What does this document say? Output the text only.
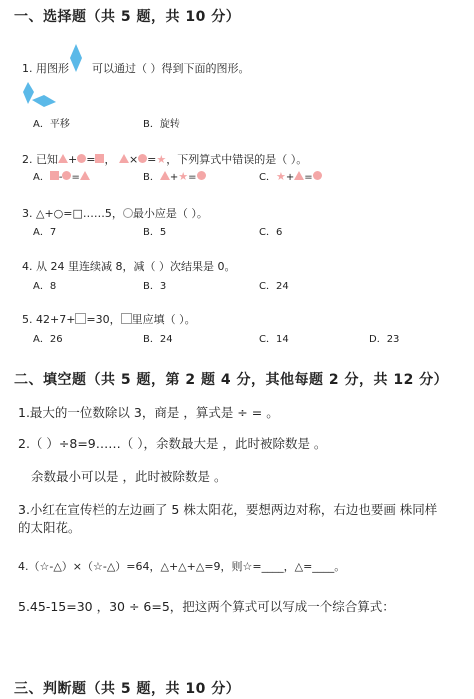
一、选择题（共 5 题，共 10 分）
1. 用图形 可以通过（ ）得到下面的图形。
A．平移	B．旋转
2. 已知 + = ， × =★，下列算式中错误的是（ ）。
A． - =	B． +★=	C．★+ =
3. △+○=□……5， 最小应是（ ）。
A．7	B．5	C．6
4. 从 24 里连续减 8，减（ ）次结果是 0。
A．8	B．3	C．24
5. 42+7+ =30， 里应填（ ）。
A．26	B．24	C．14	D．23
二、填空题（共 5 题，第 2 题 4 分，其他每题 2 分，共 12 分）
1.最大的一位数除以 3，商是 ，算式是 ÷ = 。
2.（ ）÷8=9……（ ），余数最大是 ，此时被除数是 。
余数最小可以是 ，此时被除数是 。
3.小红在宣传栏的左边画了 5 株太阳花，要想两边对称，右边也要画 株同样
的太阳花。
4.（☆-△）×（☆-△）=64，△+△+△=9，则☆=____，△=____。
5.45-15=30 ，30 ÷ 6=5，把这两个算式可以写成一个综合算式：
三、判断题（共 5 题，共 10 分）
